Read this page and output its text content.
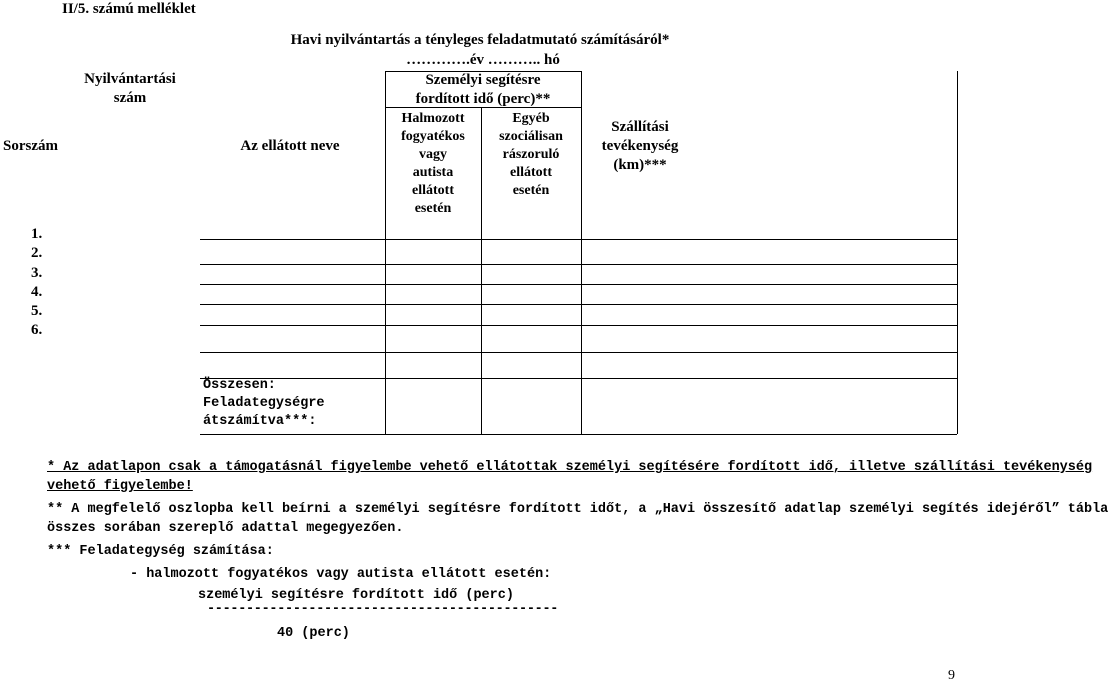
II/5. számú melléklet
Havi nyilvántartás a tényleges feladatmutató számításáról*
………….év ……….. hó
Sorszám
Nyilvántartási
szám
Az ellátott neve
Személyi segítésre
fordított idő (perc)**
Halmozott
fogyatékos
vagy
autista
ellátott
esetén
Egyéb
szociálisan
rászoruló
ellátott
esetén
Szállítási
tevékenység
(km)***
1.
2.
3.
4.
5.
6.
Összesen:
Feladategységre
átszámítva***:
* Az adatlapon csak a támogatásnál figyelembe vehető ellátottak személyi segítésére fordított idő, illetve szállítási tevékenység
vehető figyelembe!
** A megfelelő oszlopba kell beírni a személyi segítésre fordított időt, a „Havi összesítő adatlap személyi segítés idejéről” tábla
összes sorában szereplő adattal megegyezően.
*** Feladategység számítása:
- halmozott fogyatékos vagy autista ellátott esetén:
személyi segítésre fordított idő (perc)
---------------------------------------------
40 (perc)
9
